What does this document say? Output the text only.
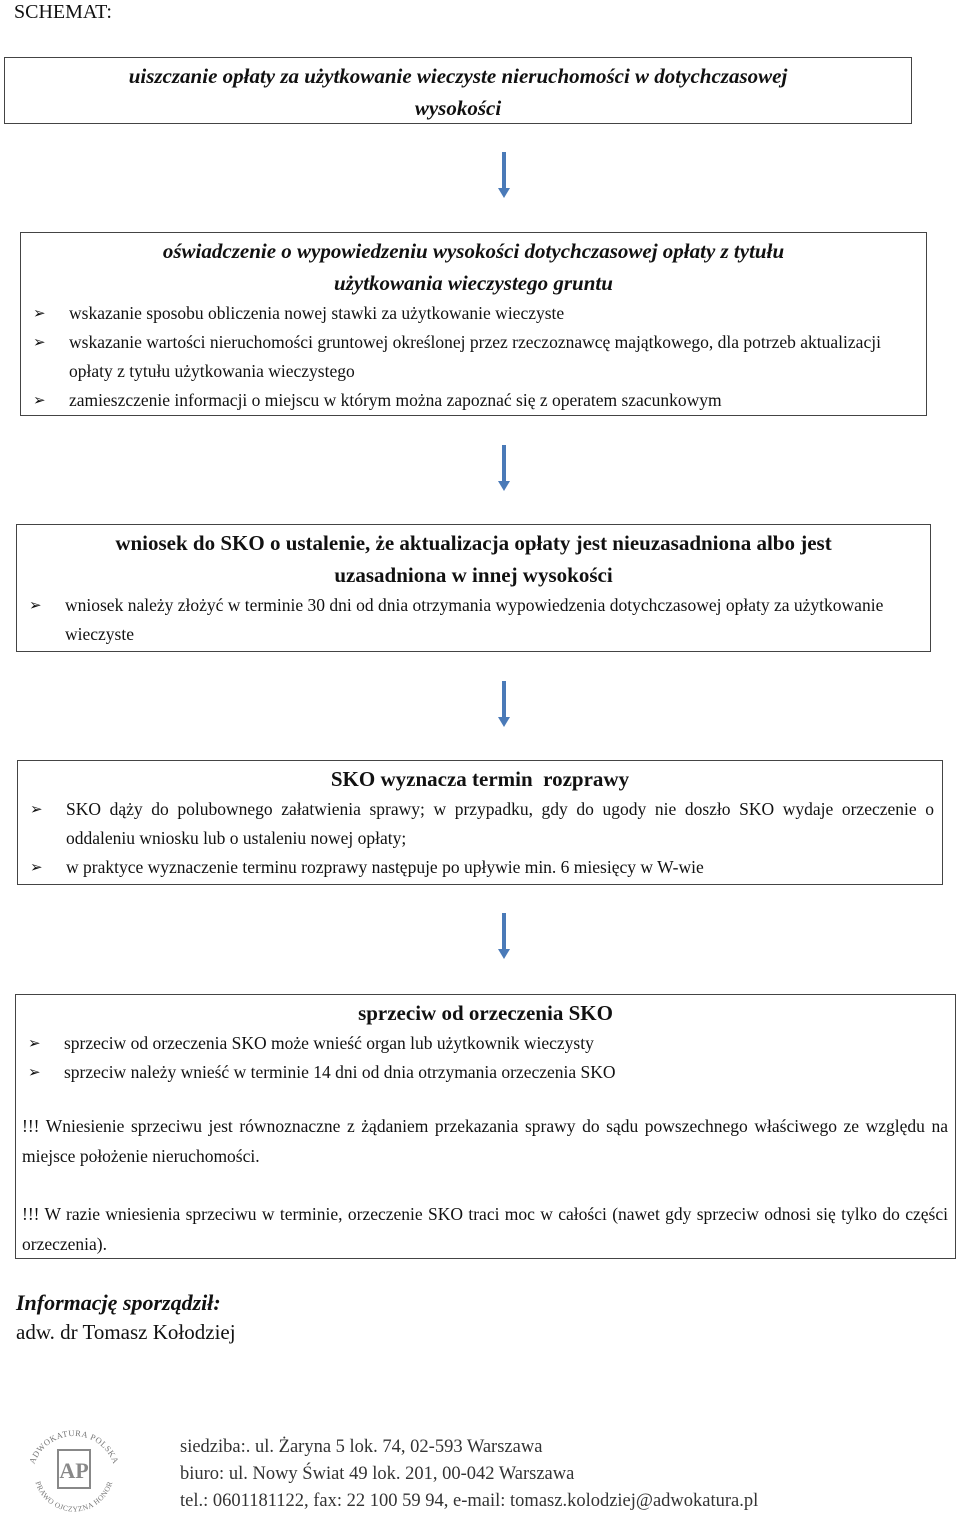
SCHEMAT:
uiszczanie opłaty za użytkowanie wieczyste nieruchomości w dotychczasowej
wysokości
oświadczenie o wypowiedzeniu wysokości dotychczasowej opłaty z tytułu
użytkowania wieczystego gruntu
➢ wskazanie sposobu obliczenia nowej stawki za użytkowanie wieczyste
➢ wskazanie wartości nieruchomości gruntowej określonej przez rzeczoznawcę majątkowego, dla potrzeb aktualizacji opłaty z tytułu użytkowania wieczystego
➢ zamieszczenie informacji o miejscu w którym można zapoznać się z operatem szacunkowym
wniosek do SKO o ustalenie, że aktualizacja opłaty jest nieuzasadniona albo jest
uzasadniona w innej wysokości
➢ wniosek należy złożyć w terminie 30 dni od dnia otrzymania wypowiedzenia dotychczasowej opłaty za użytkowanie wieczyste
SKO wyznacza termin  rozprawy
➢ SKO dąży do polubownego załatwienia sprawy; w przypadku, gdy do ugody nie doszło SKO wydaje orzeczenie o oddaleniu wniosku lub o ustaleniu nowej opłaty;
➢ w praktyce wyznaczenie terminu rozprawy następuje po upływie min. 6 miesięcy w W-wie
sprzeciw od orzeczenia SKO
➢ sprzeciw od orzeczenia SKO może wnieść organ lub użytkownik wieczysty
➢ sprzeciw należy wnieść w terminie 14 dni od dnia otrzymania orzeczenia SKO
!!! Wniesienie sprzeciwu jest równoznaczne z żądaniem przekazania sprawy do sądu powszechnego właściwego ze względu na miejsce położenie nieruchomości.
!!! W razie wniesienia sprzeciwu w terminie, orzeczenie SKO traci moc w całości (nawet gdy sprzeciw odnosi się tylko do części orzeczenia).
Informację sporządził:
adw. dr Tomasz Kołodziej
ADWOKATURA POLSKA
PRAWO OJCZYZNA HONOR
AP
siedziba:. ul. Żaryna 5 lok. 74, 02-593 Warszawa
biuro: ul. Nowy Świat 49 lok. 201, 00-042 Warszawa
tel.: 0601181122, fax: 22 100 59 94, e-mail: tomasz.kolodziej@adwokatura.pl
